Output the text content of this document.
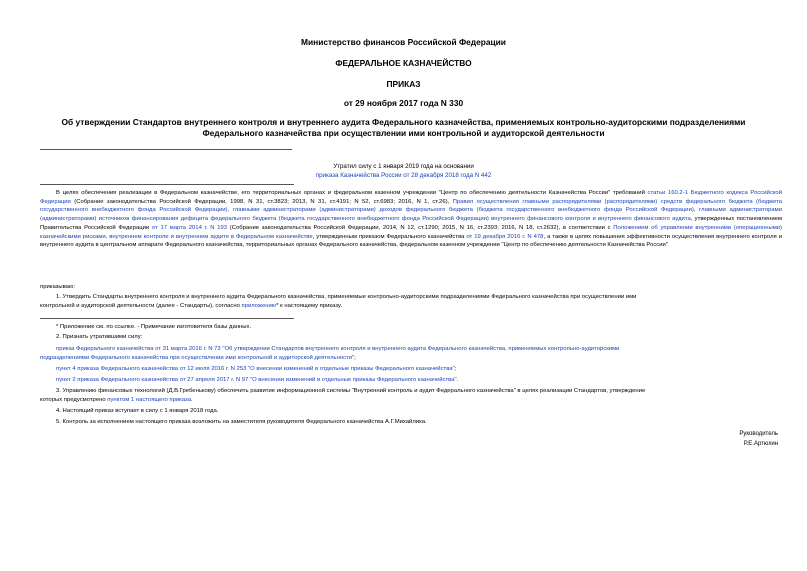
Министерство финансов Российской Федерации
ФЕДЕРАЛЬНОЕ КАЗНАЧЕЙСТВО
ПРИКАЗ
от 29 ноября 2017 года N 330
Об утверждении Стандартов внутреннего контроля и внутреннего аудита Федерального казначейства, применяемых контрольно-аудиторскими подразделениями
Федерального казначейства при осуществлении ими контрольной и аудиторской деятельности
Утратил силу с 1 января 2019 года на основании
приказа Казначейства России от 28 декабря 2018 года N 442
В целях обеспечения реализации в Федеральном казначействе, его территориальных органах и федеральном казенном учреждении "Центр по обеспечению деятельности Казначейства России" требований статьи 160.2-1 Бюджетного кодекса Российской Федерации (Собрание законодательства Российской Федерации, 1998, N 31, ст.3823; 2013, N 31, ст.4191; N 52, ст.6983; 2016, N 1, ст.26), Правил осуществления главными распорядителями (распорядителями) средств федерального бюджета (бюджета государственного внебюджетного фонда Российской Федерации), главными администраторами (администраторами) доходов федерального бюджета (бюджета государственного внебюджетного фонда Российской Федерации), главными администраторами (администраторами) источников финансирования дефицита федерального бюджета (бюджета государственного внебюджетного фонда Российской Федерации) внутреннего финансового контроля и внутреннего финансового аудита, утвержденных постановлением Правительства Российской Федерации от 17 марта 2014 г. N 193 (Собрание законодательства Российской Федерации, 2014, N 12, ст.1290; 2015, N 16, ст.2393; 2016, N 18, ст.2632), в соответствии с Положением об управлении внутренними (операционными) казначейскими рисками, внутреннем контроле и внутреннем аудите в Федеральном казначействе, утвержденным приказом Федерального казначейства от 19 декабря 2016 г. N 478, а также в целях повышения эффективности осуществления внутреннего контроля и внутреннего аудита в центральном аппарате Федерального казначейства, территориальных органах Федерального казначейства, федеральном казенном учреждении "Центр по обеспечению деятельности Казначейства России"
приказываю:
1. Утвердить Стандарты внутреннего контроля и внутреннего аудита Федерального казначейства, применяемые контрольно-аудиторскими подразделениями Федерального казначейства при осуществлении ими
контрольной и аудиторской деятельности (далее - Стандарты), согласно приложению* к настоящему приказу.
* Приложение см. по ссылке. - Примечание изготовителя базы данных.
2. Признать утратившими силу:
приказ Федерального казначейства от 31 марта 2016 г. N 73 "Об утверждении Стандартов внутреннего контроля и внутреннего аудита Федерального казначейства, применяемых контрольно-аудиторскими
подразделениями Федерального казначейства при осуществлении ими контрольной и аудиторской деятельности";
пункт 4 приказа Федерального казначейства от 12 июля 2016 г. N 253 "О внесении изменений в отдельные приказы Федерального казначейства";
пункт 2 приказа Федерального казначейства от 27 апреля 2017 г. N 97 "О внесении изменений в отдельные приказы Федерального казначейства".
3. Управлению финансовых технологий (Д.В.Гребенькову) обеспечить развитие информационной системы "Внутренний контроль и аудит Федерального казначейства" в целях реализации Стандартов, утверждение
которых предусмотрено пунктом 1 настоящего приказа.
4. Настоящий приказ вступает в силу с 1 января 2018 года.
5. Контроль за исполнением настоящего приказа возложить на заместителя руководителя Федерального казначейства А.Г.Михайлика.
Руководитель
Р.Е.Артюхин
